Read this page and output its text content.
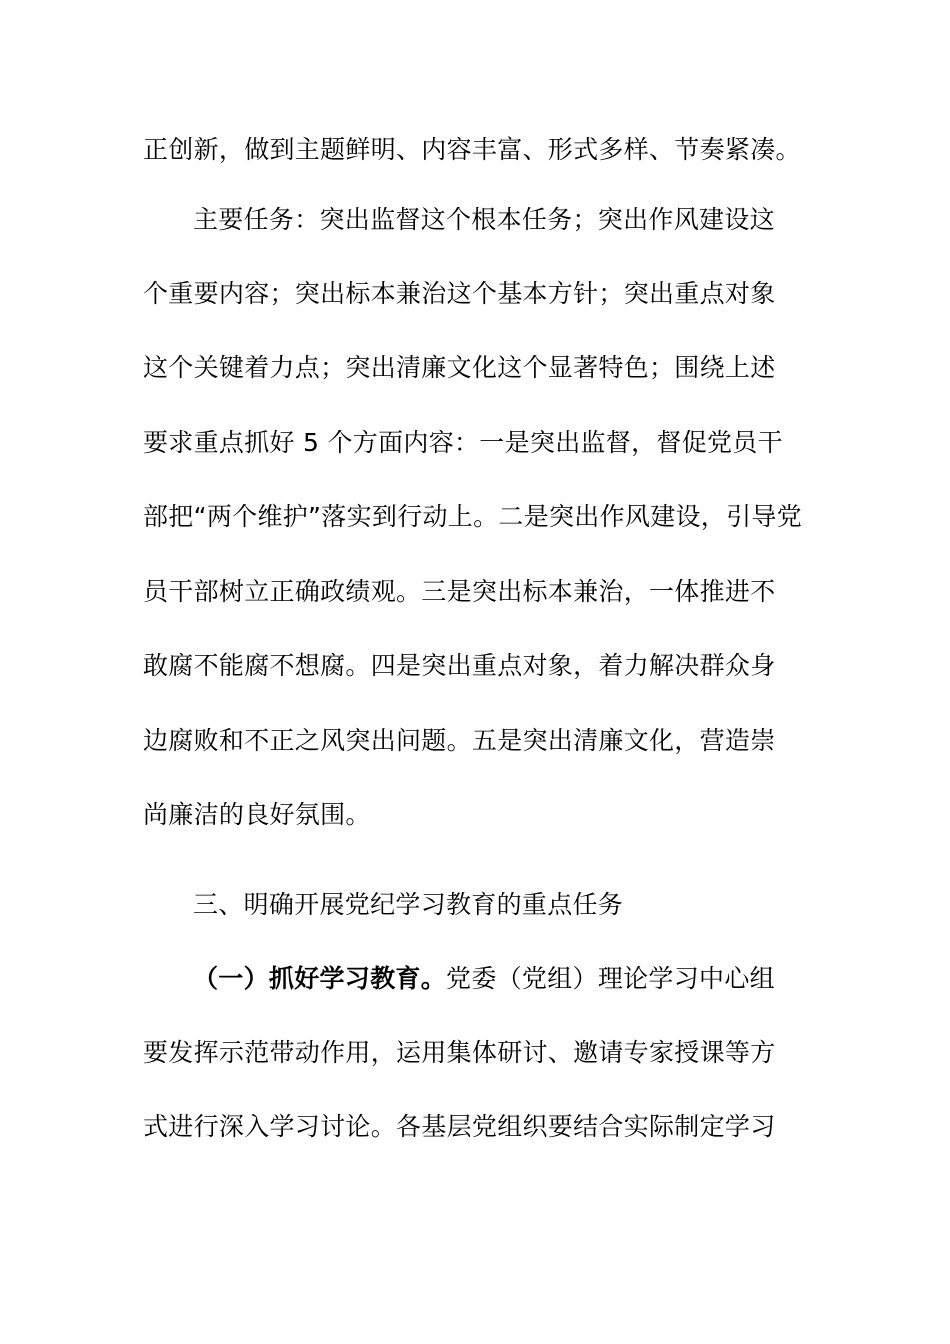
正创新，做到主题鲜明、内容丰富、形式多样、节奏紧凑。
主要任务：突出监督这个根本任务；突出作风建设这
个重要内容；突出标本兼治这个基本方针；突出重点对象
这个关键着力点；突出清廉文化这个显著特色；围绕上述
要求重点抓好 5 个方面内容：一是突出监督，督促党员干
部把“两个维护”落实到行动上。二是突出作风建设，引导党
员干部树立正确政绩观。三是突出标本兼治，一体推进不
敢腐不能腐不想腐。四是突出重点对象，着力解决群众身
边腐败和不正之风突出问题。五是突出清廉文化，营造崇
尚廉洁的良好氛围。
三、明确开展党纪学习教育的重点任务
（一）抓好学习教育。党委（党组）理论学习中心组
要发挥示范带动作用，运用集体研讨、邀请专家授课等方
式进行深入学习讨论。各基层党组织要结合实际制定学习
